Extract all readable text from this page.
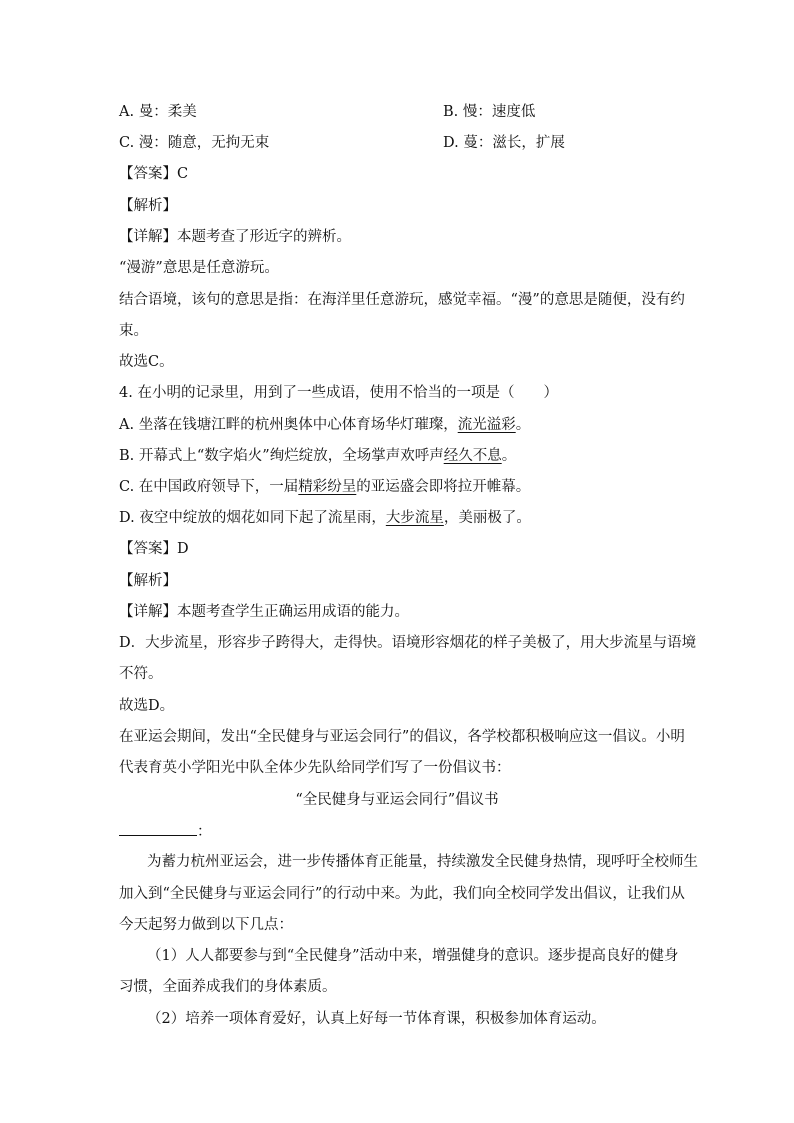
A. 曼：柔美	B. 慢：速度低
C. 漫：随意，无拘无束	D. 蔓：滋长，扩展
【答案】C
【解析】
【详解】本题考查了形近字的辨析。
“漫游”意思是任意游玩。
结合语境，该句的意思是指：在海洋里任意游玩，感觉幸福。“漫”的意思是随便，没有约
束。
故选C。
4. 在小明的记录里，用到了一些成语，使用不恰当的一项是（　　）
A. 坐落在钱塘江畔的杭州奥体中心体育场华灯璀璨，流光溢彩。
B. 开幕式上“数字焰火”绚烂绽放，全场掌声欢呼声经久不息。
C. 在中国政府领导下，一届精彩纷呈的亚运盛会即将拉开帷幕。
D. 夜空中绽放的烟花如同下起了流星雨，大步流星，美丽极了。
【答案】D
【解析】
【详解】本题考查学生正确运用成语的能力。
D．大步流星，形容步子跨得大，走得快。语境形容烟花的样子美极了，用大步流星与语境
不符。
故选D。
在亚运会期间，发出“全民健身与亚运会同行”的倡议，各学校都积极响应这一倡议。小明
代表育英小学阳光中队全体少先队给同学们写了一份倡议书：
“全民健身与亚运会同行”倡议书
：
为蓄力杭州亚运会，进一步传播体育正能量，持续激发全民健身热情，现呼吁全校师生
加入到“全民健身与亚运会同行”的行动中来。为此，我们向全校同学发出倡议，让我们从
今天起努力做到以下几点：
（1）人人都要参与到“全民健身”活动中来，增强健身的意识。逐步提高良好的健身
习惯，全面养成我们的身体素质。
（2）培养一项体育爱好，认真上好每一节体育课，积极参加体育运动。
